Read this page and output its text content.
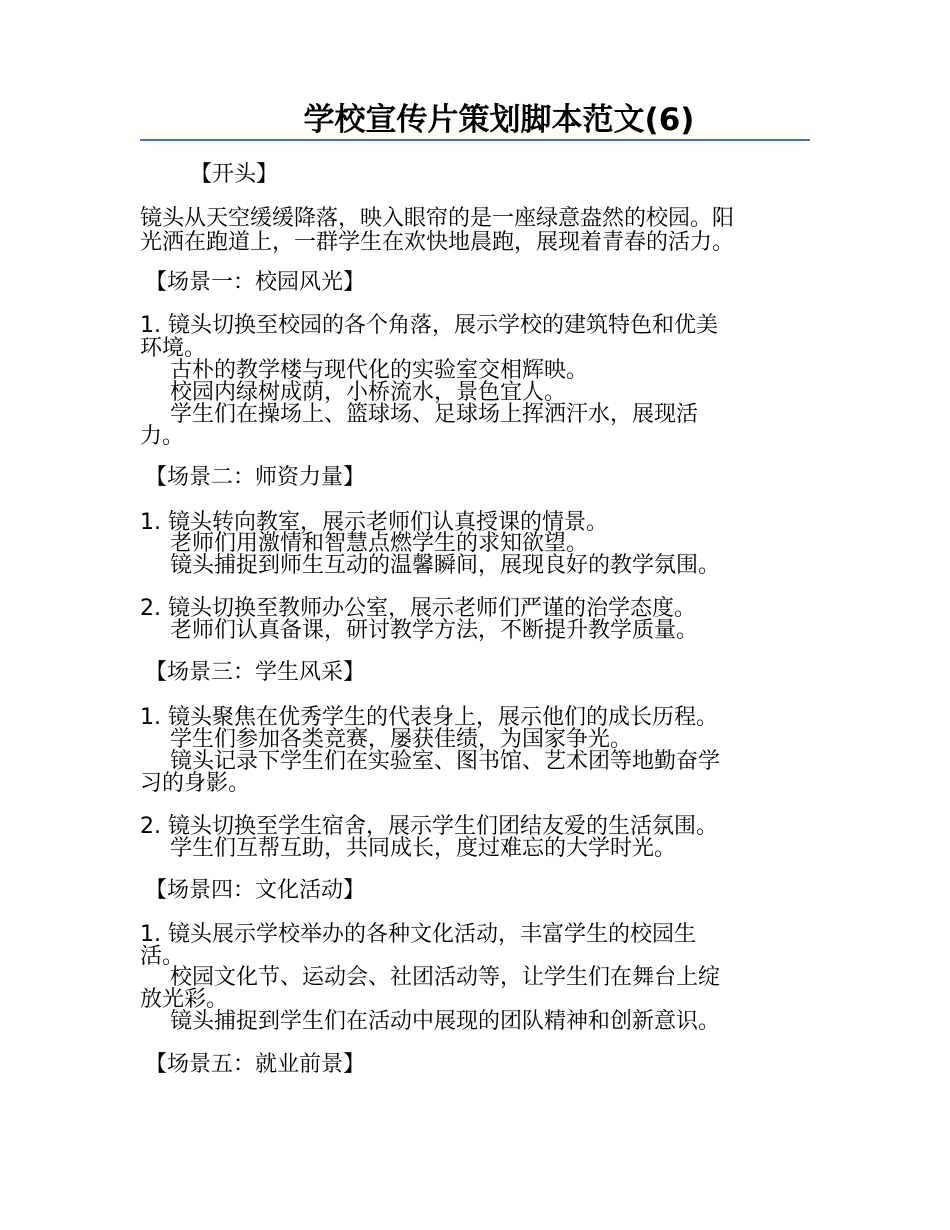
学校宣传片策划脚本范文(6)

【开头】

镜头从天空缓缓降落，映入眼帘的是一座绿意盎然的校园。阳

光洒在跑道上，一群学生在欢快地晨跑，展现着青春的活力。

【场景一：校园风光】

1. 镜头切换至校园的各个角落，展示学校的建筑特色和优美

环境。

古朴的教学楼与现代化的实验室交相辉映。

校园内绿树成荫，小桥流水，景色宜人。

学生们在操场上、篮球场、足球场上挥洒汗水，展现活

力。

【场景二：师资力量】

1. 镜头转向教室，展示老师们认真授课的情景。

老师们用激情和智慧点燃学生的求知欲望。

镜头捕捉到师生互动的温馨瞬间，展现良好的教学氛围。

2. 镜头切换至教师办公室，展示老师们严谨的治学态度。

老师们认真备课，研讨教学方法，不断提升教学质量。

【场景三：学生风采】

1. 镜头聚焦在优秀学生的代表身上，展示他们的成长历程。

学生们参加各类竞赛，屡获佳绩，为国家争光。

镜头记录下学生们在实验室、图书馆、艺术团等地勤奋学

习的身影。

2. 镜头切换至学生宿舍，展示学生们团结友爱的生活氛围。

学生们互帮互助，共同成长，度过难忘的大学时光。

【场景四：文化活动】

1. 镜头展示学校举办的各种文化活动，丰富学生的校园生

活。

校园文化节、运动会、社团活动等，让学生们在舞台上绽

放光彩。

镜头捕捉到学生们在活动中展现的团队精神和创新意识。

【场景五：就业前景】
